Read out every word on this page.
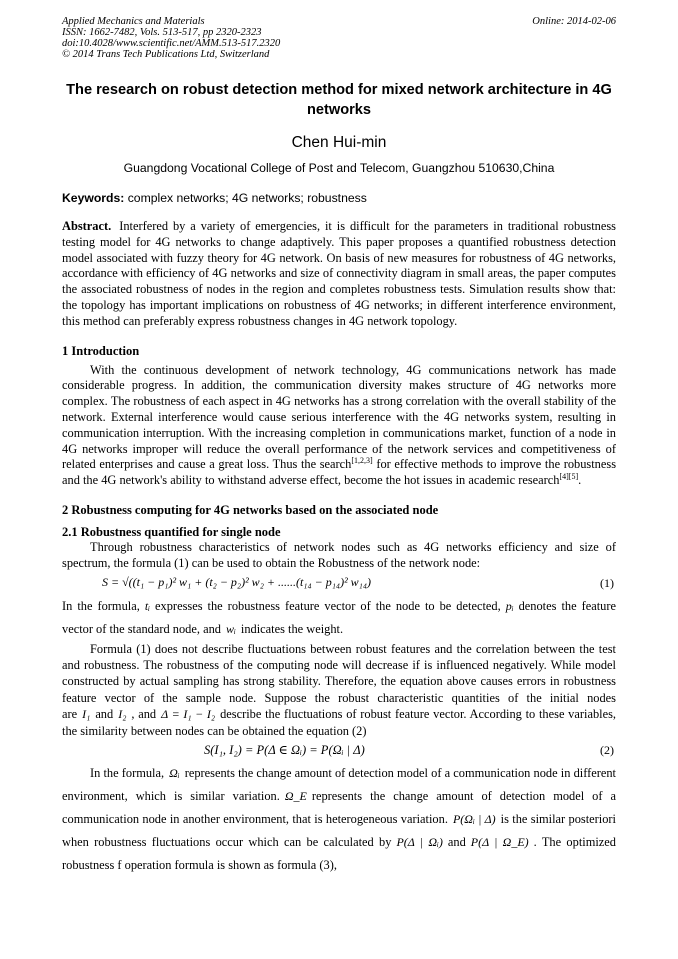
Applied Mechanics and Materials
ISSN: 1662-7482, Vols. 513-517, pp 2320-2323
doi:10.4028/www.scientific.net/AMM.513-517.2320
© 2014 Trans Tech Publications Ltd, Switzerland
Online: 2014-02-06
The research on robust detection method for mixed network architecture in 4G networks
Chen Hui-min
Guangdong Vocational College of Post and Telecom, Guangzhou 510630,China
Keywords: complex networks; 4G networks; robustness
Abstract. Interfered by a variety of emergencies, it is difficult for the parameters in traditional robustness testing model for 4G networks to change adaptively. This paper proposes a quantified robustness detection model associated with fuzzy theory for 4G network. On basis of new measures for robustness of 4G networks, accordance with efficiency of 4G networks and size of connectivity diagram in small areas, the paper computes the associated robustness of nodes in the region and completes robustness tests. Simulation results show that: the topology has important implications on robustness of 4G networks; in different interference environment, this method can preferably express robustness changes in 4G network topology.
1 Introduction
With the continuous development of network technology, 4G communications network has made considerable progress. In addition, the communication diversity makes structure of 4G networks more complex. The robustness of each aspect in 4G networks has a strong correlation with the overall stability of the network. External interference would cause serious interference with the 4G networks system, resulting in communication interruption. With the increasing completion in communications market, function of a node in 4G networks improper will reduce the overall performance of the network services and competitiveness of related enterprises and cause a great loss. Thus the search[1,2,3] for effective methods to improve the robustness and the 4G network's ability to withstand adverse effect, become the hot issues in academic research[4][5].
2 Robustness computing for 4G networks based on the associated node
2.1 Robustness quantified for single node
Through robustness characteristics of network nodes such as 4G networks efficiency and size of spectrum, the formula (1) can be used to obtain the Robustness of the network node:
S = √((t₁ − p₁)² w₁ + (t₂ − p₂)² w₂ + ......(t₁₄ − p₁₄)² w₁₄)	(1)
In the formula, tᵢ expresses the robustness feature vector of the node to be detected, pᵢ denotes the feature vector of the standard node, and wᵢ indicates the weight.
Formula (1) does not describe fluctuations between robust features and the correlation between the test and robustness. The robustness of the computing node will decrease if is influenced negatively. While model constructed by actual sampling has strong stability. Therefore, the equation above causes errors in robustness feature vector of the sample node. Suppose the robust characteristic quantities of the initial nodes are I₁ and I₂ , and Δ = I₁ − I₂ describe the fluctuations of robust feature vector. According to these variables, the similarity between nodes can be obtained the equation (2)
S(I₁, I₂) = P(Δ ∈ Ωᵢ) = P(Ωᵢ | Δ)	(2)
In the formula, Ωᵢ represents the change amount of detection model of a communication node in different environment, which is similar variation. Ω_E represents the change amount of detection model of a communication node in another environment, that is heterogeneous variation. P(Ωᵢ | Δ) is the similar posteriori when robustness fluctuations occur which can be calculated by P(Δ | Ωᵢ) and P(Δ | Ω_E) . The optimized robustness f operation formula is shown as formula (3),
